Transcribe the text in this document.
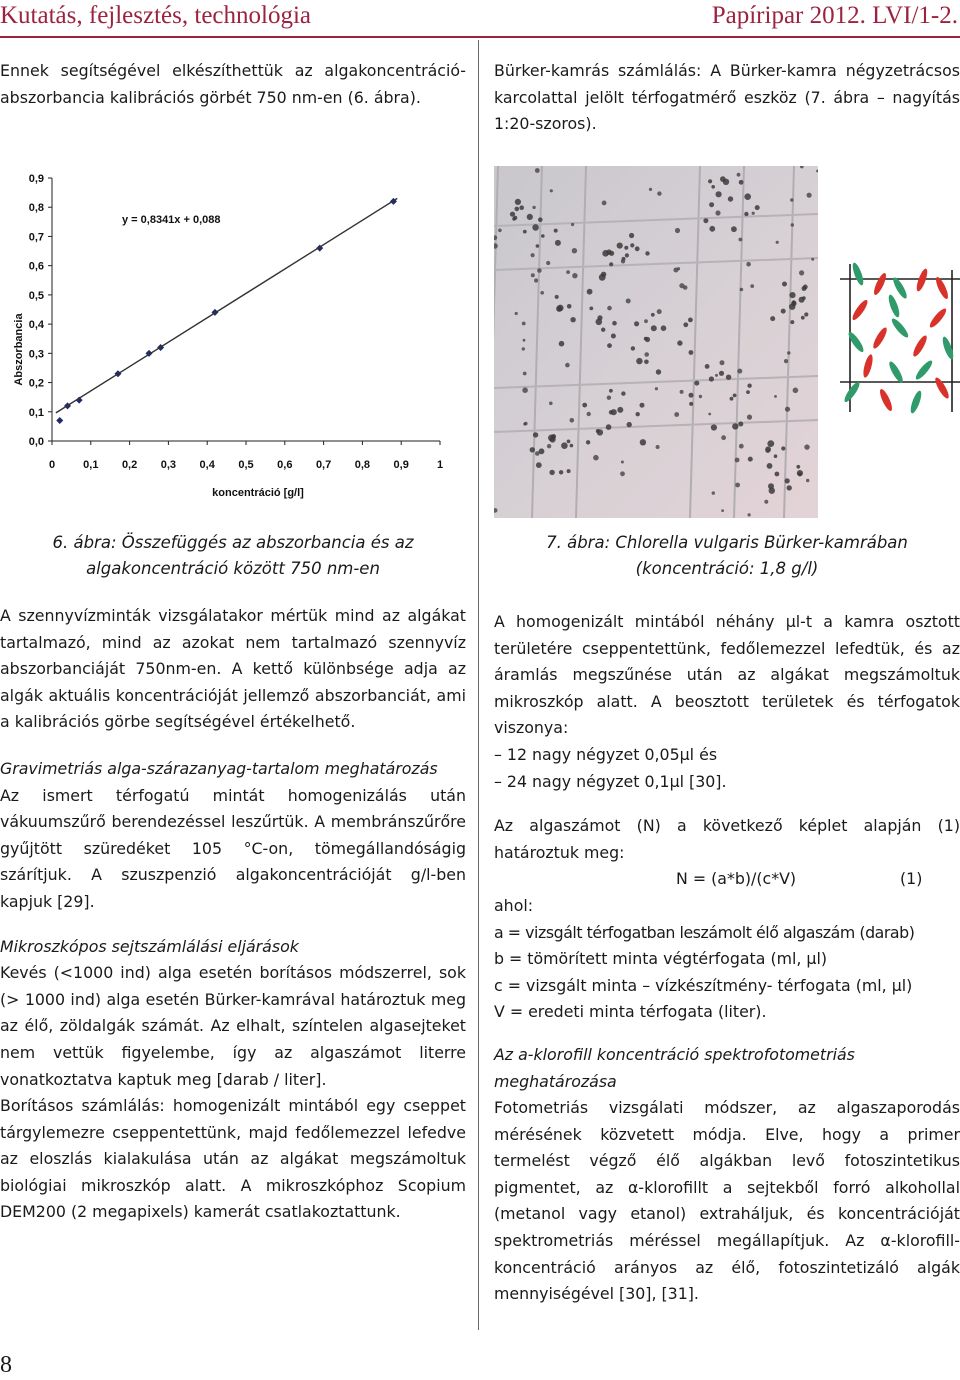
Kutatás, fejlesztés, technológia	Papíripar 2012. LVI/1-2.

Ennek segítségével elkészíthettük az algakoncentráció-abszorbancia kalibrációs görbét 750 nm-en (6. ábra).

Bürker-kamrás számlálás: A Bürker-kamra négyzetrácsos karcolattal jelölt térfogatmérő eszköz (7. ábra – nagyítás 1:20-szoros).

Abszorbancia
koncentráció [g/l]
0,9
0,8
0,7
0,6
0,5
0,4
0,3
0,2
0,1
0,0
1
0,9
0,8
0,7
0,6
0,5
0,4
0,3
0,2
0,1
0
y = 0,8341x + 0,088
6. ábra: Összefüggés az abszorbancia és az
algakoncentráció között 750 nm-en
7. ábra: Chlorella vulgaris Bürker-kamrában
(koncentráció: 1,8 g/l)

A szennyvízminták vizsgálatakor mértük mind az algákat tartalmazó, mind az azokat nem tartalmazó szennyvíz abszorbanciáját 750nm-en. A kettő különbsége adja az algák aktuális koncentrációját jellemző abszorbanciát, ami a kalibrációs görbe segítségével értékelhető.

Gravimetriás alga-szárazanyag-tartalom meghatározás

Az ismert térfogatú mintát homogenizálás után vákuumszűrő berendezéssel leszűrtük. A membránszűrőre gyűjtött szüredéket 105 °C-on, tömegállandóságig szárítjuk. A szuszpenzió algakoncentrációját g/l-ben kapjuk [29].

Mikroszkópos sejtszámlálási eljárások

Kevés (<1000 ind) alga esetén borításos módszerrel, sok (> 1000 ind) alga esetén Bürker-kamrával határoztuk meg az élő, zöldalgák számát. Az elhalt, színtelen algasejteket nem vettük figyelembe, így az algaszámot literre vonatkoztatva kaptuk meg [darab / liter].

Borításos számlálás: homogenizált mintából egy cseppet tárgylemezre cseppentettünk, majd fedőlemezzel lefedve az eloszlás kialakulása után az algákat megszámoltuk biológiai mikroszkóp alatt. A mikroszkóphoz Scopium DEM200 (2 megapixels) kamerát csatlakoztattunk.

A homogenizált mintából néhány µl-t a kamra osztott területére cseppentettünk, fedőlemezzel lefedtük, és az áramlás megszűnése után az algákat megszámoltuk mikroszkóp alatt. A beosztott területek és térfogatok viszonya:

– 12 nagy négyzet 0,05µl és
– 24 nagy négyzet 0,1µl [30].

Az algaszámot (N) a következő képlet alapján (1) határoztuk meg:

N = (a*b)/(c*V)	(1)

ahol:

a = vizsgált térfogatban leszámolt élő algaszám (darab)

b = tömörített minta végtérfogata (ml, µl)

c = vizsgált minta – vízkészítmény- térfogata (ml, µl)

V = eredeti minta térfogata (liter).

Az a-klorofill koncentráció spektrofotometriás

meghatározása

Fotometriás vizsgálati módszer, az algaszaporodás mérésének közvetett módja. Elve, hogy a primer termelést végző élő algákban levő fotoszintetikus pigmentet, az α-klorofillt a sejtekből forró alkohollal (metanol vagy etanol) extraháljuk, és koncentrációját spektrometriás méréssel megállapítjuk. Az α-klorofill-koncentráció arányos az élő, fotoszintetizáló algák mennyiségével [30], [31].

8
